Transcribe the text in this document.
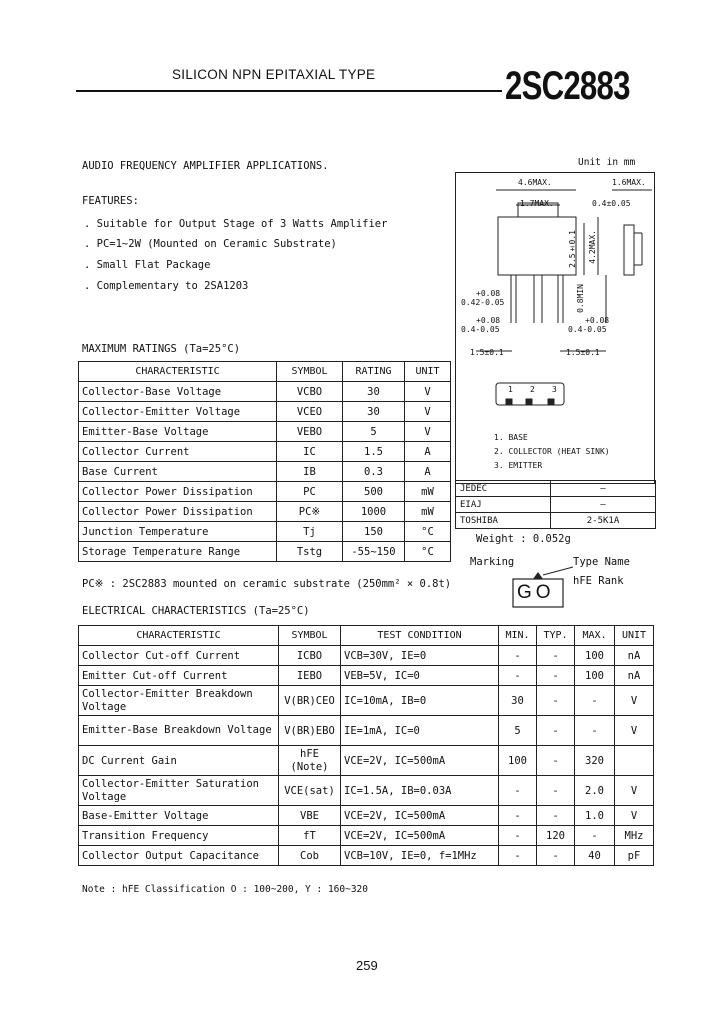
SILICON NPN EPITAXIAL TYPE	2SC2883
AUDIO FREQUENCY AMPLIFIER APPLICATIONS.
FEATURES:
. Suitable for Output Stage of 3 Watts Amplifier
. PC=1~2W (Mounted on Ceramic Substrate)
. Small Flat Package
. Complementary to 2SA1203
Unit in mm
4.6MAX.	1.6MAX.
1.7MAX.	0.4±0.05
2.5±0.1 4.2MAX.
0.8MIN
+0.08
0.42-0.05
+0.08
0.4-0.05
+0.08
0.4-0.05
1.5±0.1	1.5±0.1
1 2 3
1. BASE
2. COLLECTOR (HEAT SINK)
3. EMITTER
JEDEC	—
EIAJ	—
TOSHIBA	2-5K1A
Weight : 0.052g
Marking	Type Name
hFE Rank
GO
MAXIMUM RATINGS (Ta=25°C)
CHARACTERISTIC	SYMBOL	RATING	UNIT
Collector-Base Voltage	VCBO	30	V
Collector-Emitter Voltage	VCEO	30	V
Emitter-Base Voltage	VEBO	5	V
Collector Current	IC	1.5	A
Base Current	IB	0.3	A
Collector Power Dissipation	PC	500	mW
Collector Power Dissipation	PC※	1000	mW
Junction Temperature	Tj	150	°C
Storage Temperature Range	Tstg	-55~150	°C
PC※ : 2SC2883 mounted on ceramic substrate (250mm² × 0.8t)
ELECTRICAL CHARACTERISTICS (Ta=25°C)
CHARACTERISTIC	SYMBOL	TEST CONDITION	MIN.	TYP.	MAX.	UNIT
Collector Cut-off Current	ICBO	VCB=30V, IE=0	-	-	100	nA
Emitter Cut-off Current	IEBO	VEB=5V, IC=0	-	-	100	nA
Collector-Emitter Breakdown Voltage	V(BR)CEO	IC=10mA, IB=0	30	-	-	V
Emitter-Base Breakdown Voltage	V(BR)EBO	IE=1mA, IC=0	5	-	-	V
DC Current Gain	hFE (Note)	VCE=2V, IC=500mA	100	-	320	
Collector-Emitter Saturation Voltage	VCE(sat)	IC=1.5A, IB=0.03A	-	-	2.0	V
Base-Emitter Voltage	VBE	VCE=2V, IC=500mA	-	-	1.0	V
Transition Frequency	fT	VCE=2V, IC=500mA	-	120	-	MHz
Collector Output Capacitance	Cob	VCB=10V, IE=0, f=1MHz	-	-	40	pF
Note : hFE Classification O : 100~200, Y : 160~320
259
